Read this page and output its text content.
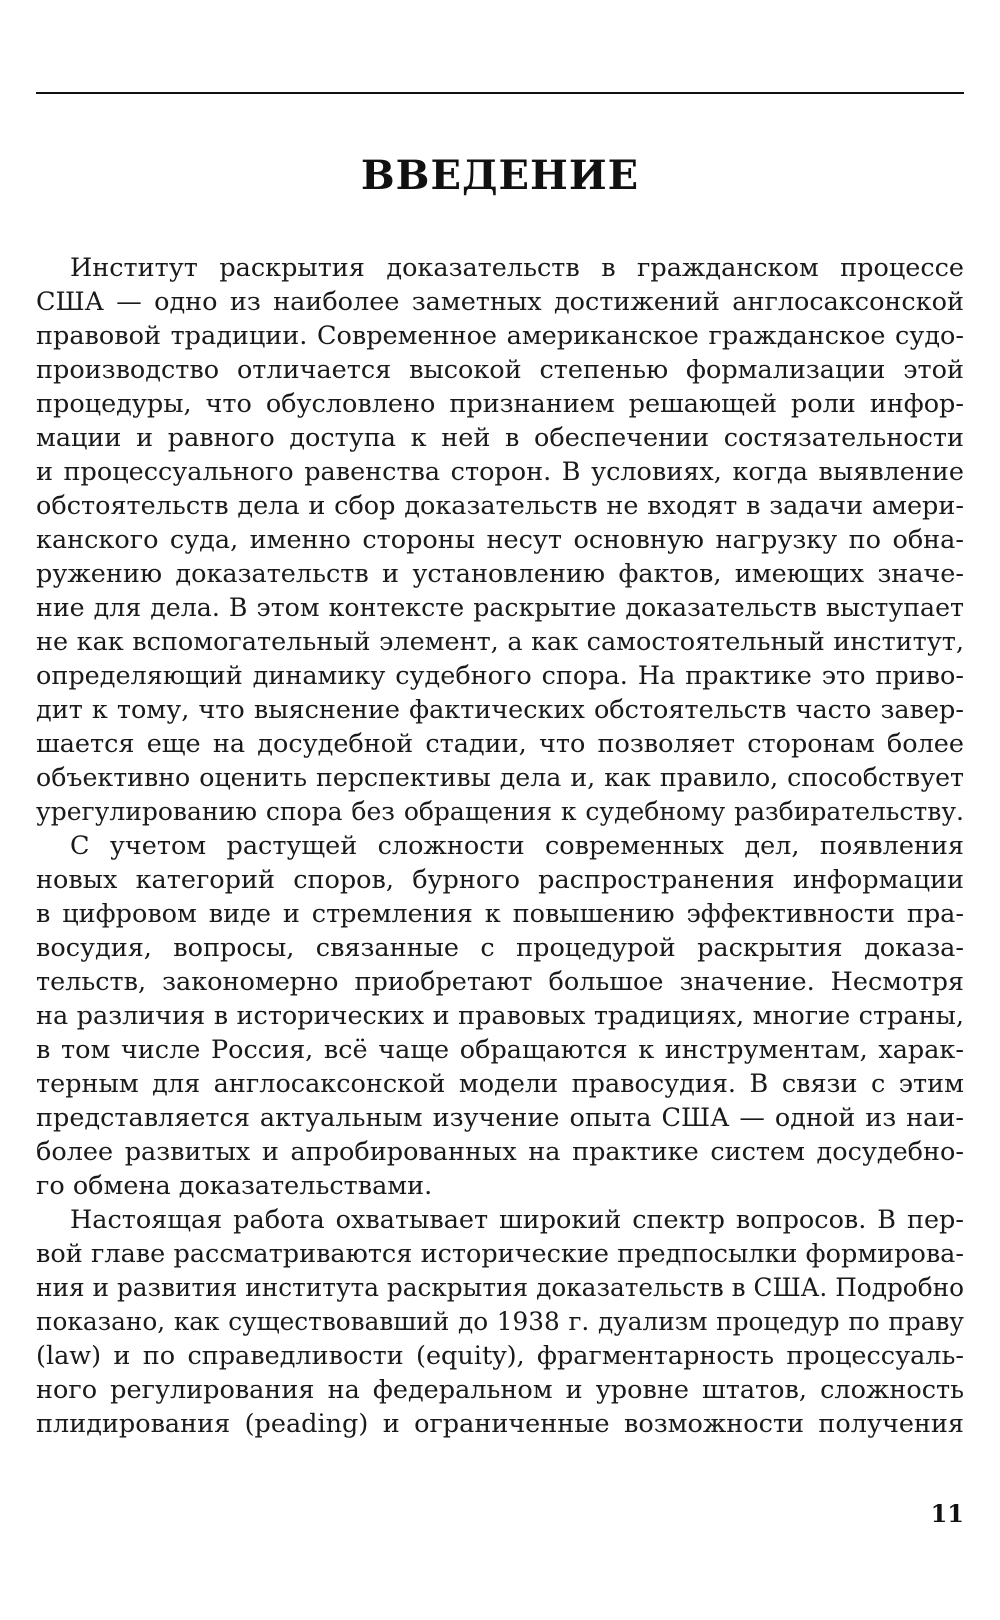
ВВЕДЕНИЕ
Институт раскрытия доказательств в гражданском процессе
США — одно из наиболее заметных достижений англосаксонской
правовой традиции. Современное американское гражданское судо-
производство отличается высокой степенью формализации этой
процедуры, что обусловлено признанием решающей роли инфор-
мации и равного доступа к ней в обеспечении состязательности
и процессуального равенства сторон. В условиях, когда выявление
обстоятельств дела и сбор доказательств не входят в задачи амери-
канского суда, именно стороны несут основную нагрузку по обна-
ружению доказательств и установлению фактов, имеющих значе-
ние для дела. В этом контексте раскрытие доказательств выступает
не как вспомогательный элемент, а как самостоятельный институт,
определяющий динамику судебного спора. На практике это приво-
дит к тому, что выяснение фактических обстоятельств часто завер-
шается еще на досудебной стадии, что позволяет сторонам более
объективно оценить перспективы дела и, как правило, способствует
урегулированию спора без обращения к судебному разбирательству.
С учетом растущей сложности современных дел, появления
новых категорий споров, бурного распространения информации
в цифровом виде и стремления к повышению эффективности пра-
восудия, вопросы, связанные с процедурой раскрытия доказа-
тельств, закономерно приобретают большое значение. Несмотря
на различия в исторических и правовых традициях, многие страны,
в том числе Россия, всё чаще обращаются к инструментам, харак-
терным для англосаксонской модели правосудия. В связи с этим
представляется актуальным изучение опыта США — одной из наи-
более развитых и апробированных на практике систем досудебно-
го обмена доказательствами.
Настоящая работа охватывает широкий спектр вопросов. В пер-
вой главе рассматриваются исторические предпосылки формирова-
ния и развития института раскрытия доказательств в США. Подробно
показано, как существовавший до 1938 г. дуализм процедур по праву
(law) и по справедливости (equity), фрагментарность процессуаль-
ного регулирования на федеральном и уровне штатов, сложность
плидирования (peading) и ограниченные возможности получения
11
